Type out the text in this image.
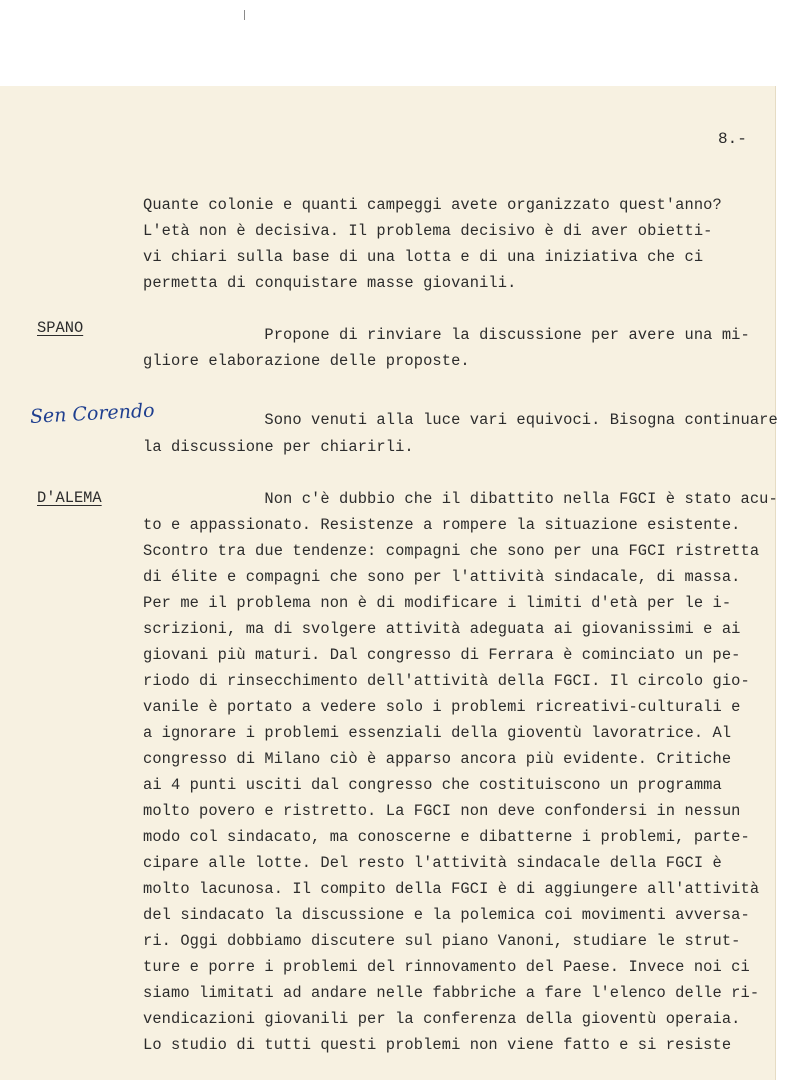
8.-
SPANO
Sen Corendo
D'ALEMA
Quante colonie e quanti campeggi avete organizzato quest'anno?
L'età non è decisiva. Il problema decisivo è di aver obietti-
vi chiari sulla base di una lotta e di una iniziativa che ci
permetta di conquistare masse giovanili.
Propone di rinviare la discussione per avere una mi-
gliore elaborazione delle proposte.
Sono venuti alla luce vari equivoci. Bisogna continuare
la discussione per chiarirli.
Non c'è dubbio che il dibattito nella FGCI è stato acu-
to e appassionato. Resistenze a rompere la situazione esistente.
Scontro tra due tendenze: compagni che sono per una FGCI ristretta
di élite e compagni che sono per l'attività sindacale, di massa.
Per me il problema non è di modificare i limiti d'età per le i-
scrizioni, ma di svolgere attività adeguata ai giovanissimi e ai
giovani più maturi. Dal congresso di Ferrara è cominciato un pe-
riodo di rinsecchimento dell'attività della FGCI. Il circolo gio-
vanile è portato a vedere solo i problemi ricreativi-culturali e
a ignorare i problemi essenziali della gioventù lavoratrice. Al
congresso di Milano ciò è apparso ancora più evidente. Critiche
ai 4 punti usciti dal congresso che costituiscono un programma
molto povero e ristretto. La FGCI non deve confondersi in nessun
modo col sindacato, ma conoscerne e dibatterne i problemi, parte-
cipare alle lotte. Del resto l'attività sindacale della FGCI è
molto lacunosa. Il compito della FGCI è di aggiungere all'attività
del sindacato la discussione e la polemica coi movimenti avversa-
ri. Oggi dobbiamo discutere sul piano Vanoni, studiare le strut-
ture e porre i problemi del rinnovamento del Paese. Invece noi ci
siamo limitati ad andare nelle fabbriche a fare l'elenco delle ri-
vendicazioni giovanili per la conferenza della gioventù operaia.
Lo studio di tutti questi problemi non viene fatto e si resiste
